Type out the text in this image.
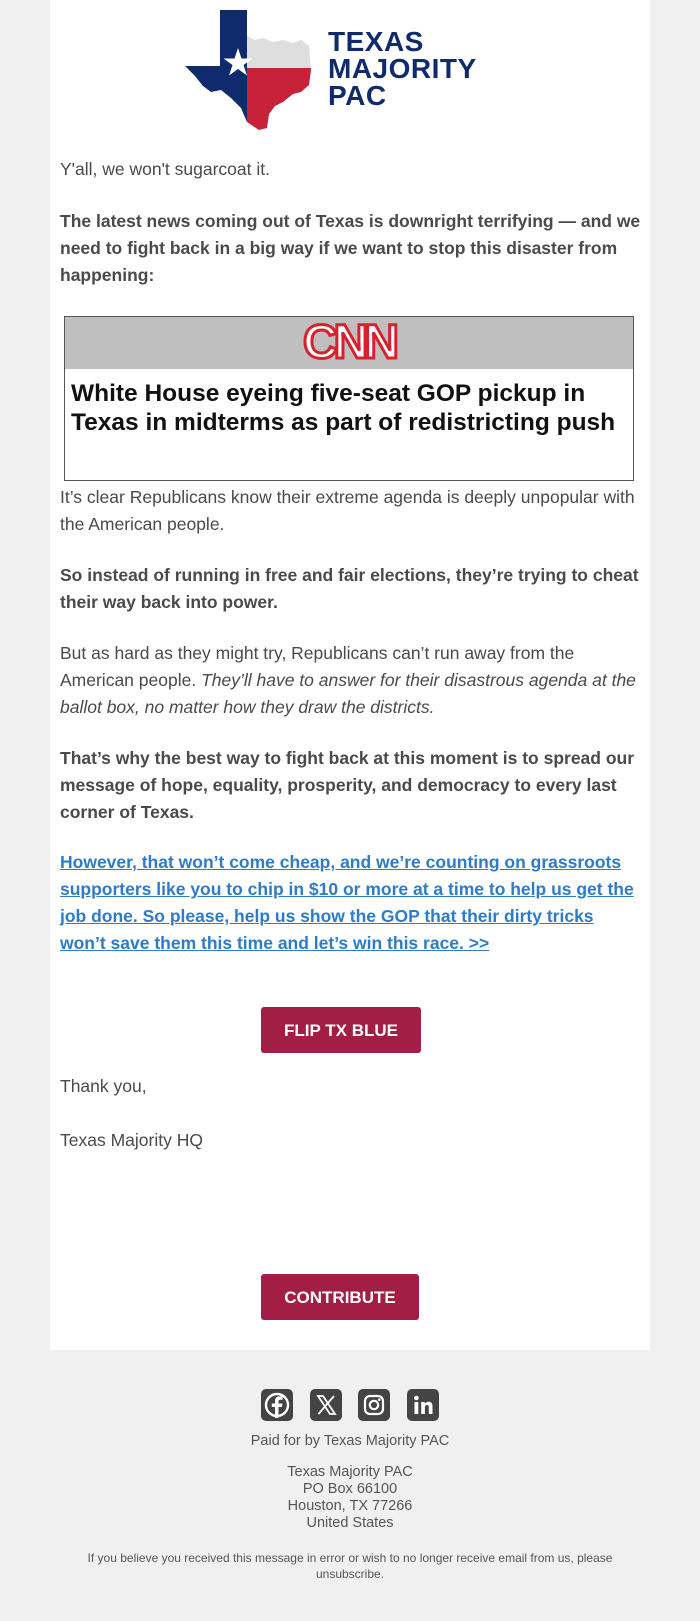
TEXAS
MAJORITY
PAC

Y'all, we won't sugarcoat it.

The latest news coming out of Texas is downright terrifying — and we need to fight back in a big way if we want to stop this disaster from happening:

CNN
White House eyeing five-seat GOP pickup in Texas in midterms as part of redistricting push

It’s clear Republicans know their extreme agenda is deeply unpopular with the American people.

So instead of running in free and fair elections, they’re trying to cheat their way back into power.

But as hard as they might try, Republicans can’t run away from the American people. They’ll have to answer for their disastrous agenda at the ballot box, no matter how they draw the districts.

That’s why the best way to fight back at this moment is to spread our message of hope, equality, prosperity, and democracy to every last corner of Texas.

However, that won’t come cheap, and we’re counting on grassroots supporters like you to chip in $10 or more at a time to help us get the job done. So please, help us show the GOP that their dirty tricks won’t save them this time and let’s win this race. >>

FLIP TX BLUE

Thank you,

Texas Majority HQ

CONTRIBUTE

Paid for by Texas Majority PAC
Texas Majority PAC
PO Box 66100
Houston, TX 77266
United States
If you believe you received this message in error or wish to no longer receive email from us, please unsubscribe.
